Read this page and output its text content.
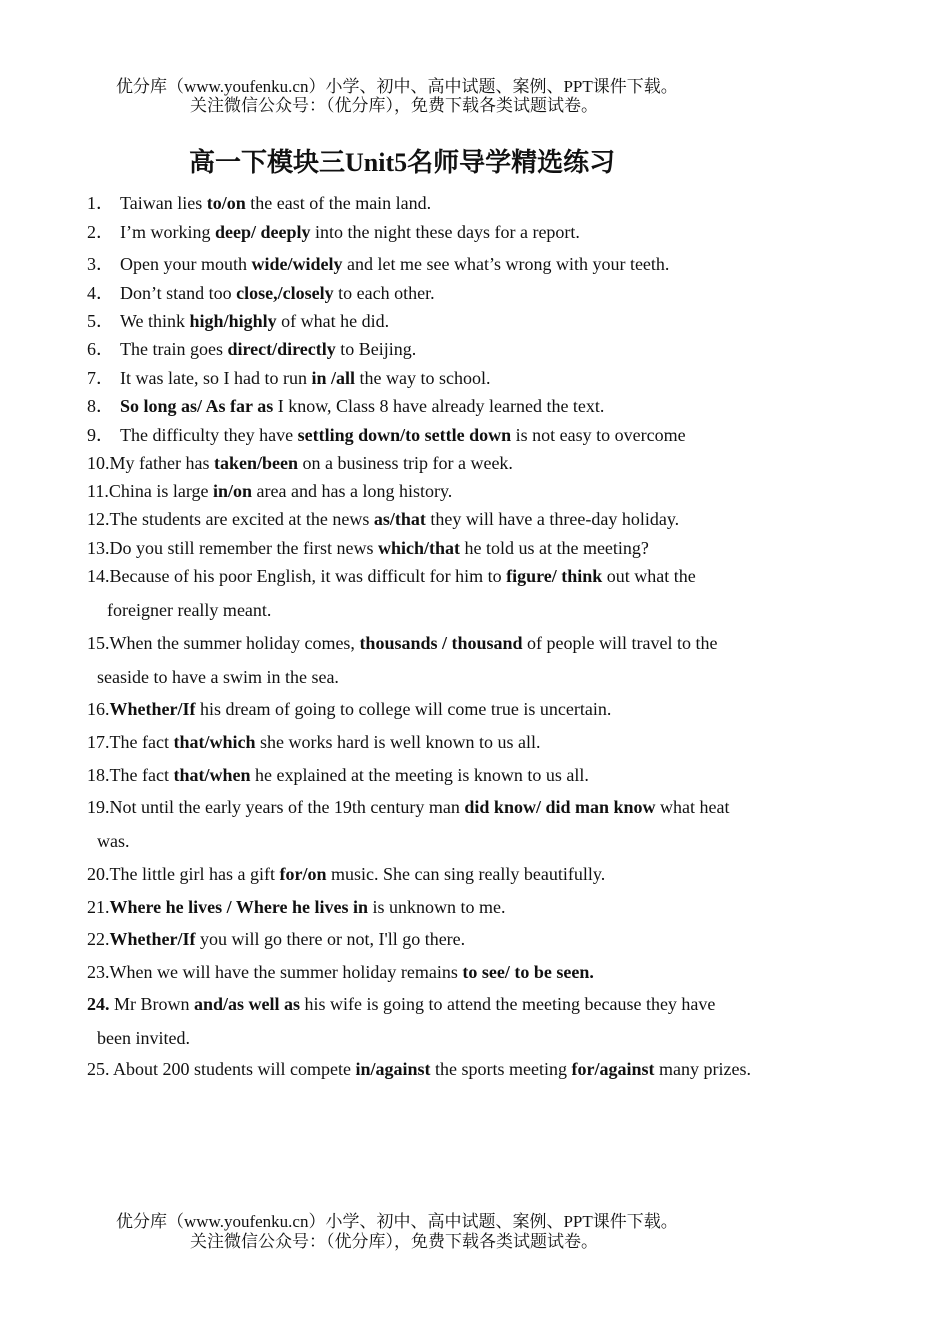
优分库（www.youfenku.cn）小学、初中、高中试题、案例、PPT课件下载。
关注微信公众号：（优分库），免费下载各类试题试卷。
高一下模块三Unit5名师导学精选练习
1． Taiwan lies to/on the east of the main land.
2． I’m working deep/ deeply into the night these days for a report.
3． Open your mouth wide/widely and let me see what’s wrong with your teeth.
4． Don’t stand too close,/closely to each other.
5． We think high/highly of what he did.
6． The train goes direct/directly to Beijing.
7． It was late, so I had to run in /all the way to school.
8． So long as/ As far as I know, Class 8 have already learned the text.
9． The difficulty they have settling down/to settle down is not easy to overcome
10.My father has taken/been on a business trip for a week.
11.China is large in/on area and has a long history.
12.The students are excited at the news as/that they will have a three-day holiday.
13.Do you still remember the first news which/that he told us at the meeting?
14.Because of his poor English, it was difficult for him to figure/ think out what the
foreigner really meant.
15.When the summer holiday comes, thousands / thousand of people will travel to the
seaside to have a swim in the sea.
16.Whether/If his dream of going to college will come true is uncertain.
17.The fact that/which she works hard is well known to us all.
18.The fact that/when he explained at the meeting is known to us all.
19.Not until the early years of the 19th century man did know/ did man know what heat
was.
20.The little girl has a gift for/on music. She can sing really beautifully.
21.Where he lives / Where he lives in is unknown to me.
22.Whether/If you will go there or not, I'll go there.
23.When we will have the summer holiday remains to see/ to be seen.
24. Mr Brown and/as well as his wife is going to attend the meeting because they have
been invited.
25. About 200 students will compete in/against the sports meeting for/against many prizes.
优分库（www.youfenku.cn）小学、初中、高中试题、案例、PPT课件下载。
关注微信公众号：（优分库），免费下载各类试题试卷。
